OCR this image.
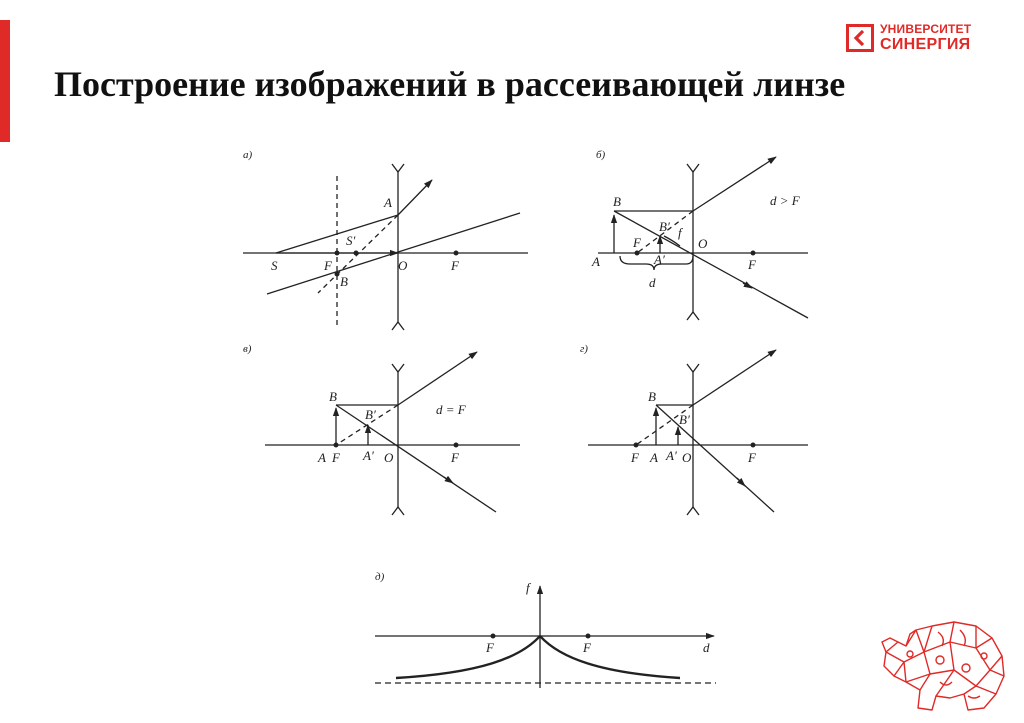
УНИВЕРСИТЕТ
СИНЕРГИЯ
Построение изображений в рассеивающей линзе
а)
A
S′
S	F
B
O	F
б)
B
B′ f
F	O
A	A′	F
d
d > F
в)
B
B′
A F A′ O	F
d = F
г)
B
B′
F A A′ O	F
д)
f
F	F	d
